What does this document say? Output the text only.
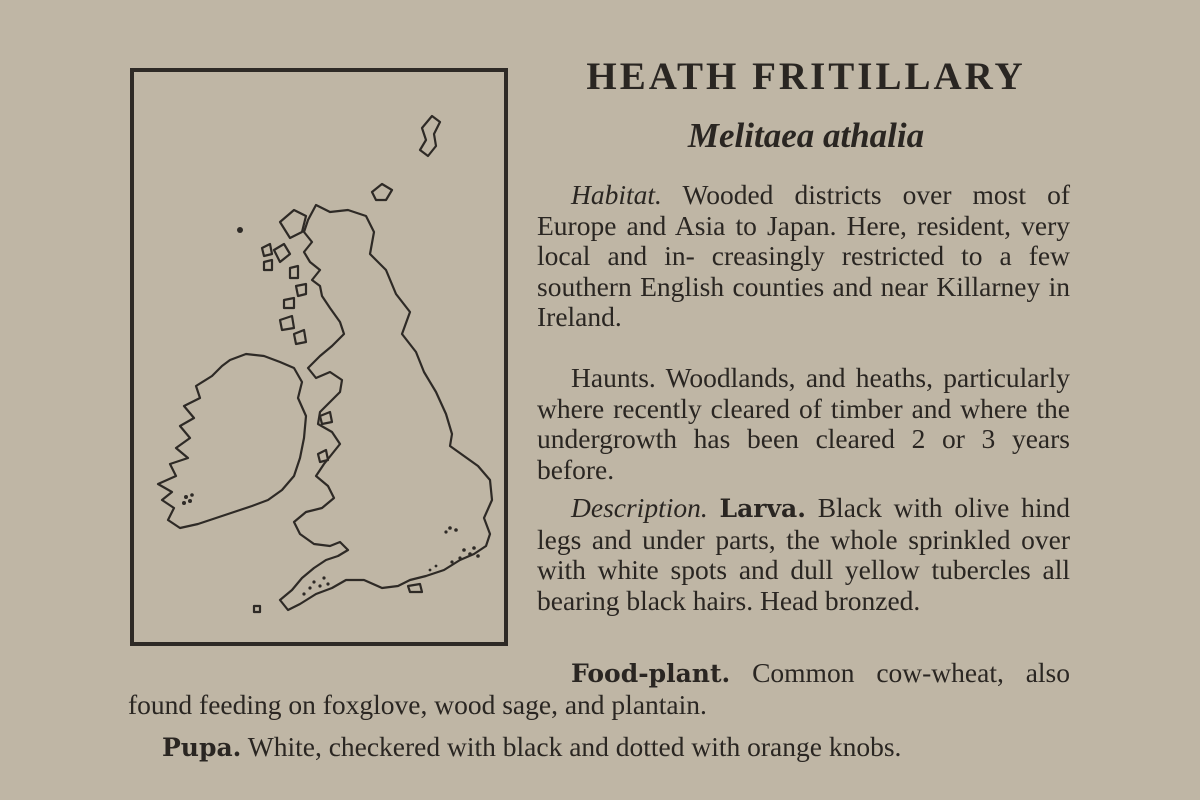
HEATH FRITILLARY
Melitaea athalia

Habitat. Wooded districts over most of Europe and Asia to Japan. Here, resident, very local and in- creasingly restricted to a few southern English counties and near Killarney in Ireland.

Haunts. Woodlands, and heaths, particularly where recently cleared of timber and where the undergrowth has been cleared 2 or 3 years before.

Description. Larva. Black with olive hind legs and under parts, the whole sprinkled over with white spots and dull yellow tubercles all bearing black hairs. Head bronzed.

Food-plant. Common cow-wheat, also found feeding on foxglove, wood sage, and plantain.

Pupa. White, checkered with black and dotted with orange knobs.
